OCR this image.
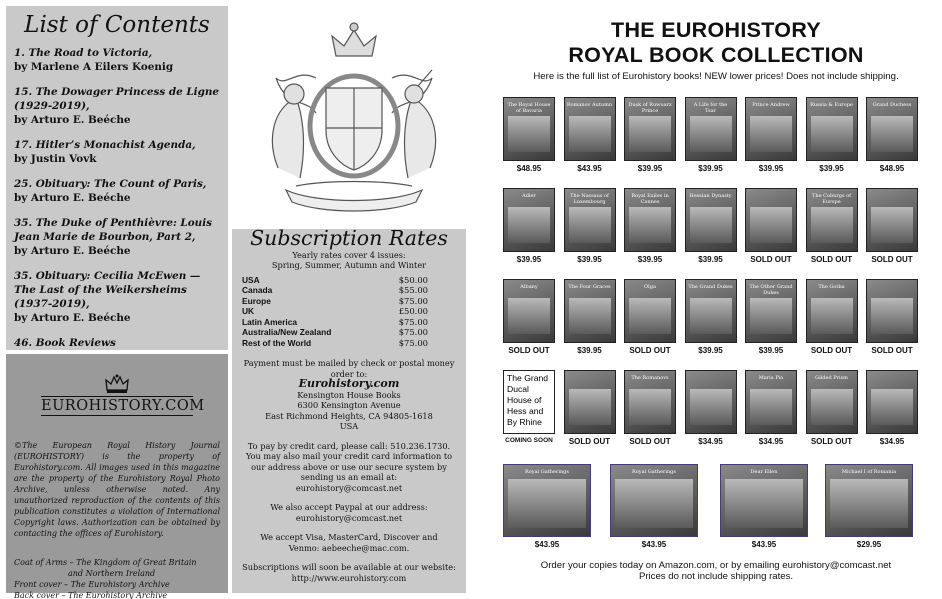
List of Contents
1. The Road to Victoria,
by Marlene A Eilers Koenig
15. The Dowager Princess de Ligne (1929-2019),
by Arturo E. Beéche
17. Hitler’s Monachist Agenda,
by Justin Vovk
25. Obituary: The Count of Paris,
by Arturo E. Beéche
35. The Duke of Penthièvre: Louis Jean Marie de Bourbon, Part 2,
by Arturo E. Beéche
35. Obituary: Cecilia McEwen — The Last of the Weikersheims (1937-2019),
by Arturo E. Beéche
46. Book Reviews
EUROHISTORY.COM

©The European Royal History Journal (EUROHISTORY) is the property of Eurohistory.com. All images used in this magazine are the property of the Eurohistory Royal Photo Archive, unless otherwise noted. Any unauthorized reproduction of the contents of this publication constitutes a violation of International Copyright laws. Authorization can be obtained by contacting the offices of Eurohistory.

Coat of Arms – The Kingdom of Great Britain
and Northern Ireland
Front cover – The Eurohistory Archive
Back cover – The Eurohistory Archive
Subscription Rates
Yearly rates cover 4 issues:
Spring, Summer, Autumn and Winter
USA	$50.00
Canada	$55.00
Europe	$75.00
UK	£50.00
Latin America	$75.00
Australia/New Zealand	$75.00
Rest of the World	$75.00
Payment must be mailed by check or postal money order to:
Eurohistory.com
Kensington House Books
6300 Kensington Avenue
East Richmond Heights, CA 94805-1618
USA
To pay by credit card, please call: 510.236.1730. You may also mail your credit card information to our address above or use our secure system by sending us an email at:
eurohistory@comcast.net
We also accept Paypal at our address:
eurohistory@comcast.net
We accept Visa, MasterCard, Discover and
Venmo: aebeeche@mac.com.
Subscriptions will soon be available at our website:
http://www.eurohistory.com
THE EUROHISTORY
ROYAL BOOK COLLECTION
Here is the full list of Eurohistory books! NEW lower prices! Does not include shipping.
The Royal House of Bavaria
$48.95
Romanov Autumn
$43.95
Dusk of Ruwuarz Prince
$39.95
A Life for the Tsar
$39.95
Prince Andrew
$39.95
Russia & Europe
$39.95
Grand Duchess
$48.95
Adler
$39.95
The Nassaus of Luxembourg
$39.95
Royal Exiles in Cannes
$39.95
Hessian Dynasty
$39.95	SOLD OUT
The Coburgs of Europe
SOLD OUT	SOLD OUT
Albany
SOLD OUT
The Four Graces
$39.95
Olga
SOLD OUT
The Grand Dukes
$39.95
The Other Grand Dukes
$39.95
The Gotha
SOLD OUT	SOLD OUT
The Grand Ducal House of Hess and By Rhine
COMING SOON	SOLD OUT
The Romanovs
SOLD OUT	$34.95
Maria Pia
$34.95
Gilded Prism
SOLD OUT	$34.95
Royal Gatherings
$43.95
Royal Gatherings
$43.95
Dear Ellen
$43.95
Michael I of Romania
$29.95
Order your copies today on Amazon.com, or by emailing eurohistory@comcast.net
Prices do not include shipping rates.
